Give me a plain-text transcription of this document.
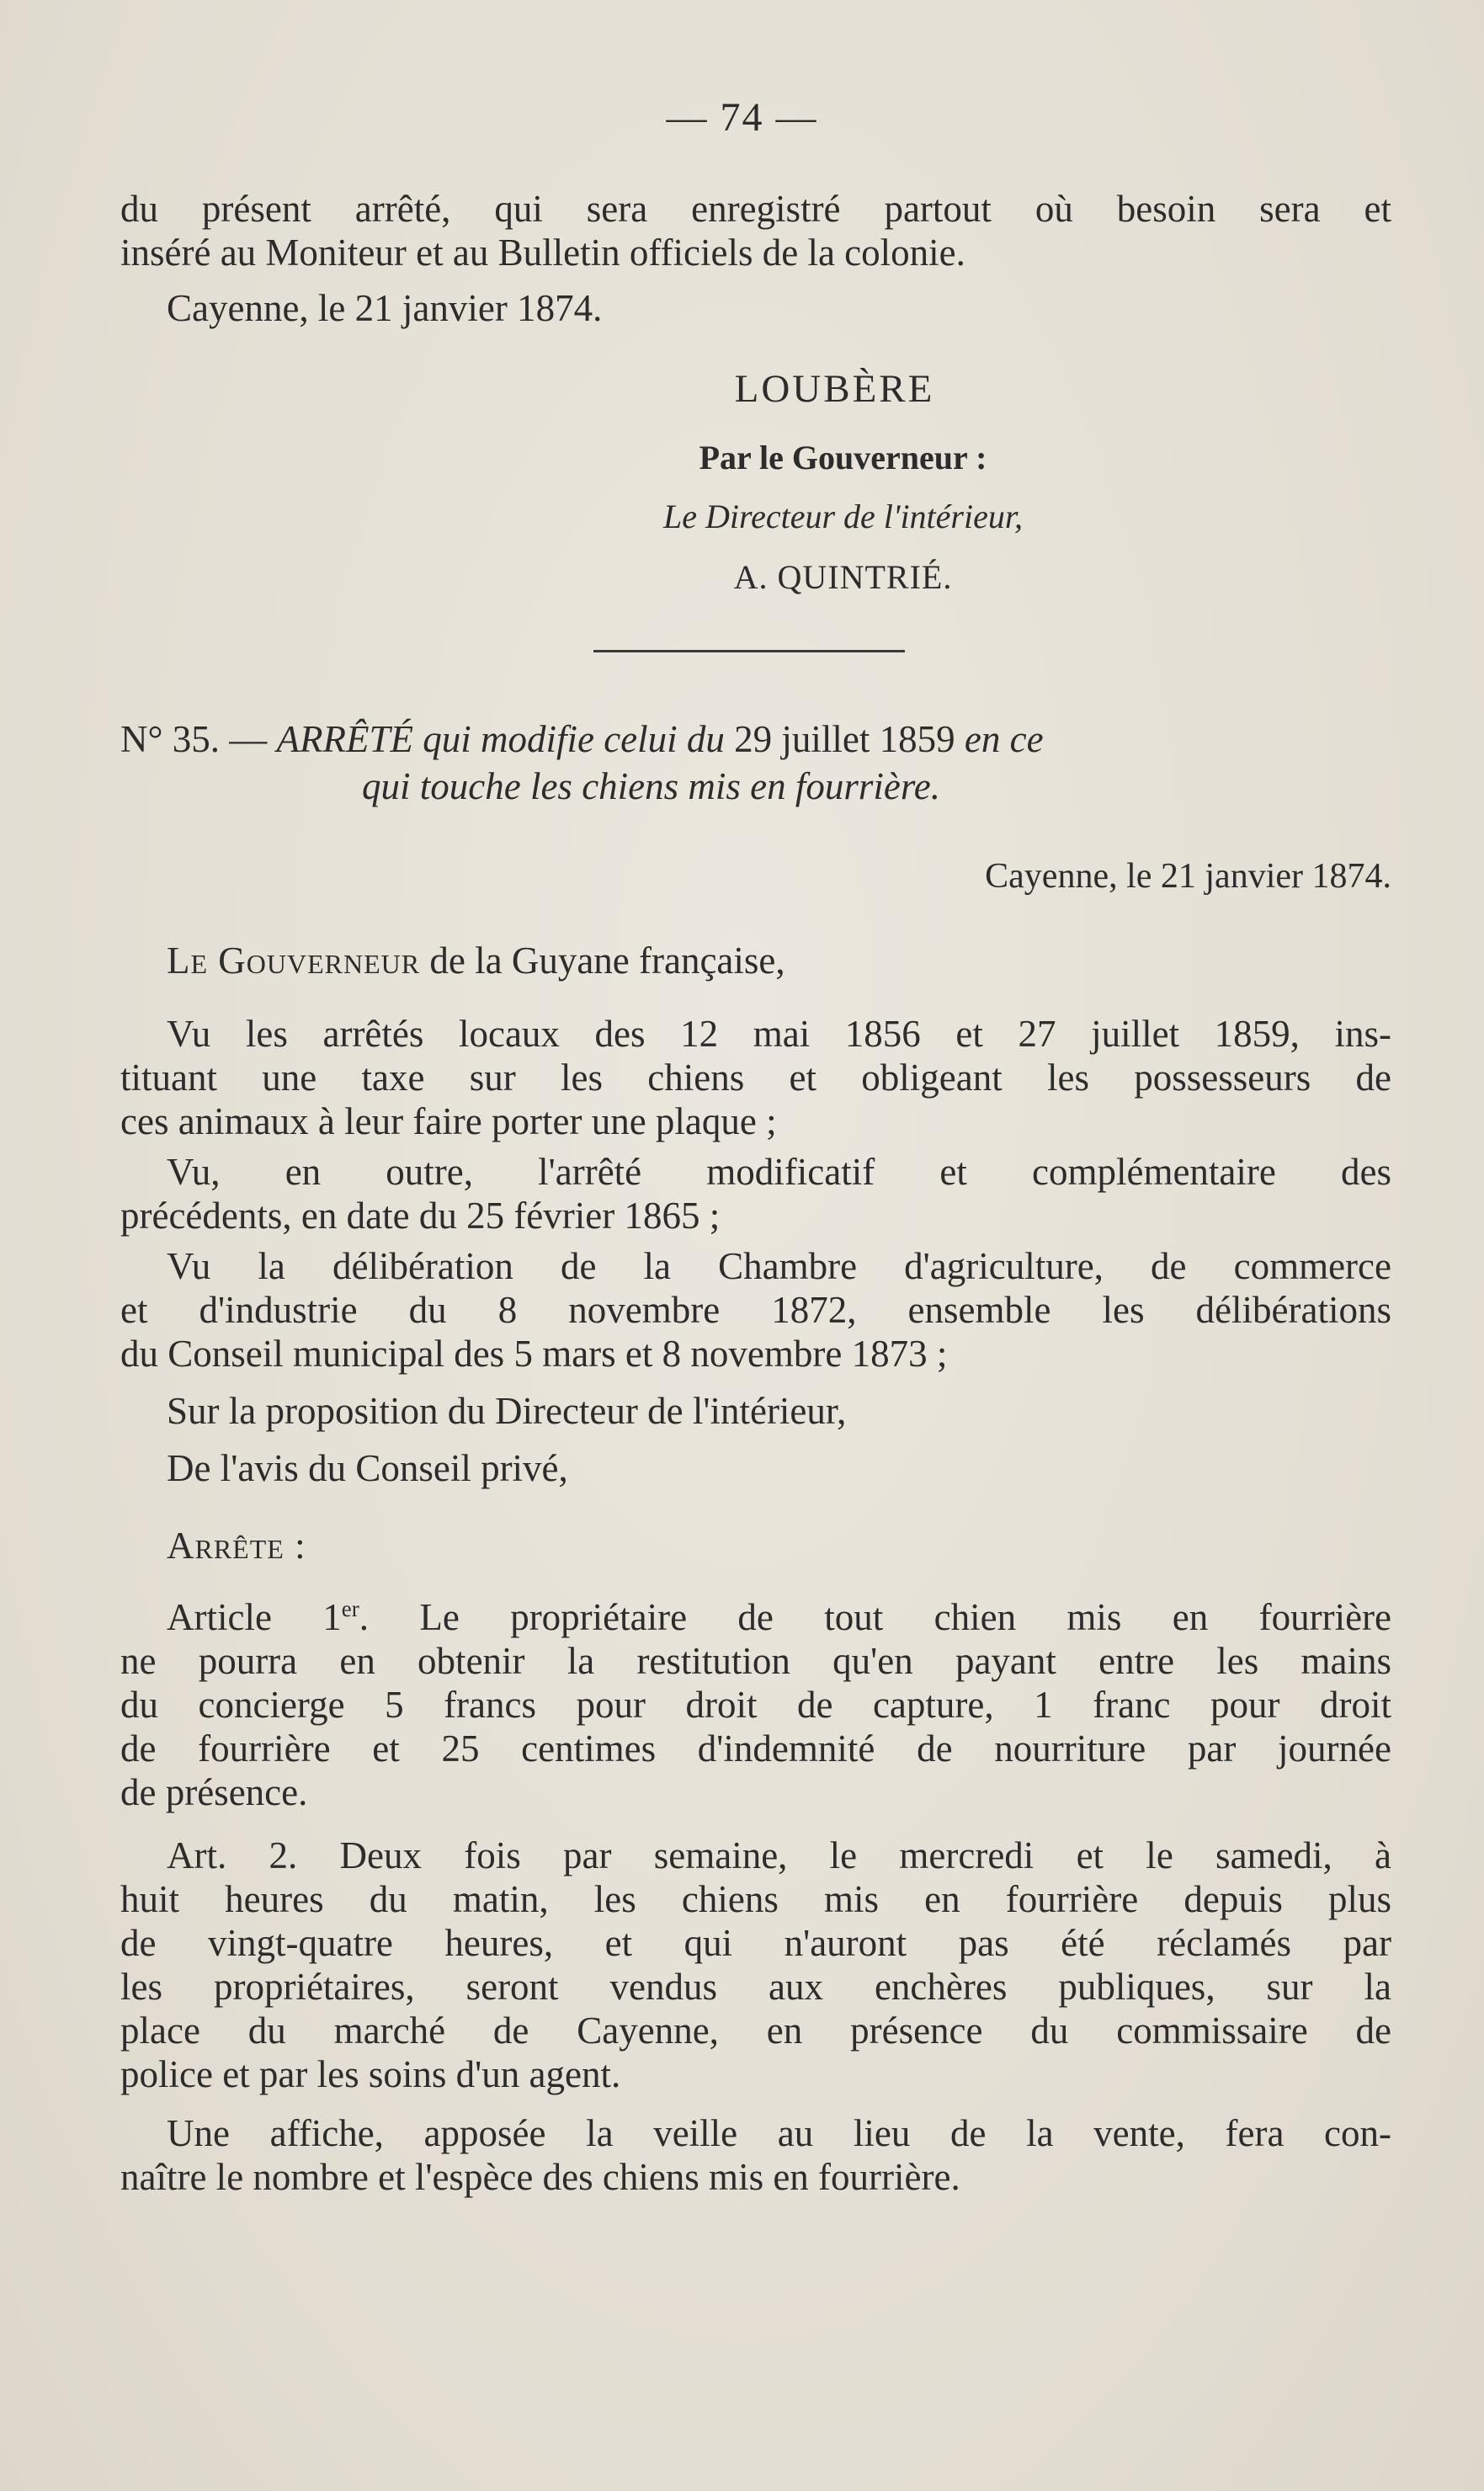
— 74 —

du présent arrêté, qui sera enregistré partout où besoin sera et

inséré au Moniteur et au Bulletin officiels de la colonie.

Cayenne, le 21 janvier 1874.

LOUBÈRE

Par le Gouverneur :

Le Directeur de l'intérieur,

A. QUINTRIÉ.

N° 35. — ARRÊTÉ qui modifie celui du 29 juillet 1859 en ce
qui touche les chiens mis en fourrière.

Cayenne, le 21 janvier 1874.

Le Gouverneur de la Guyane française,

Vu les arrêtés locaux des 12 mai 1856 et 27 juillet 1859, ins-

tituant une taxe sur les chiens et obligeant les possesseurs de

ces animaux à leur faire porter une plaque ;

Vu, en outre, l'arrêté modificatif et complémentaire des

précédents, en date du 25 février 1865 ;

Vu la délibération de la Chambre d'agriculture, de commerce

et d'industrie du 8 novembre 1872, ensemble les délibérations

du Conseil municipal des 5 mars et 8 novembre 1873 ;

Sur la proposition du Directeur de l'intérieur,

De l'avis du Conseil privé,

Arrête :

Article 1er. Le propriétaire de tout chien mis en fourrière

ne pourra en obtenir la restitution qu'en payant entre les mains

du concierge 5 francs pour droit de capture, 1 franc pour droit

de fourrière et 25 centimes d'indemnité de nourriture par journée

de présence.

Art. 2. Deux fois par semaine, le mercredi et le samedi, à

huit heures du matin, les chiens mis en fourrière depuis plus

de vingt-quatre heures, et qui n'auront pas été réclamés par

les propriétaires, seront vendus aux enchères publiques, sur la

place du marché de Cayenne, en présence du commissaire de

police et par les soins d'un agent.

Une affiche, apposée la veille au lieu de la vente, fera con-

naître le nombre et l'espèce des chiens mis en fourrière.
